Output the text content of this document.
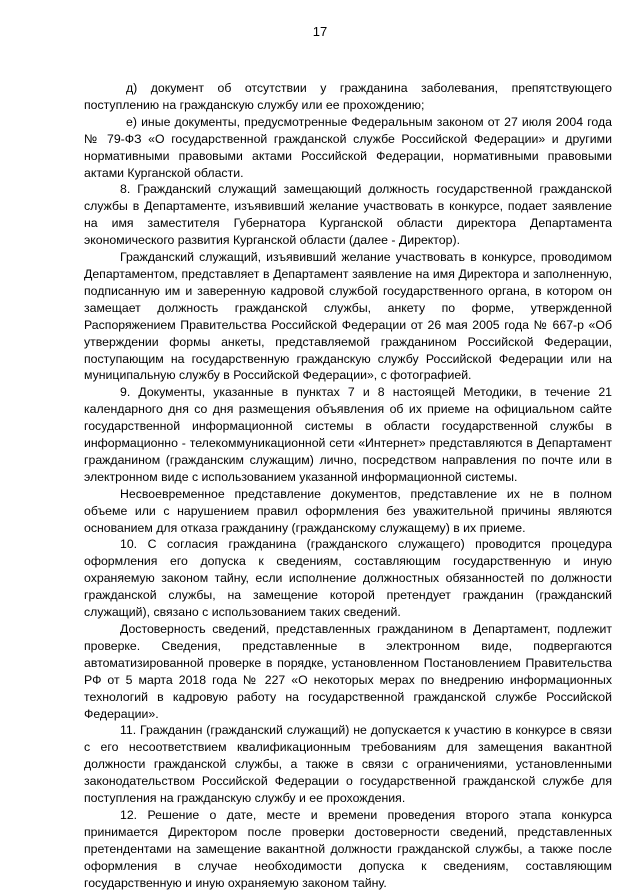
17

д) документ об отсутствии у гражданина заболевания, препятствующего поступлению на гражданскую службу или ее прохождению;

е) иные документы, предусмотренные Федеральным законом от 27 июля 2004 года № 79-ФЗ «О государственной гражданской службе Российской Федерации» и другими нормативными правовыми актами Российской Федерации, нормативными правовыми актами Курганской области.

8. Гражданский служащий замещающий должность государственной гражданской службы в Департаменте, изъявивший желание участвовать в конкурсе, подает заявление на имя заместителя Губернатора Курганской области директора Департамента экономического развития Курганской области (далее - Директор).

Гражданский служащий, изъявивший желание участвовать в конкурсе, проводимом Департаментом, представляет в Департамент заявление на имя Директора и заполненную, подписанную им и заверенную кадровой службой государственного органа, в котором он замещает должность гражданской службы, анкету по форме, утвержденной Распоряжением Правительства Российской Федерации от 26 мая 2005 года № 667-р «Об утверждении формы анкеты, представляемой гражданином Российской Федерации, поступающим на государственную гражданскую службу Российской Федерации или на муниципальную службу в Российской Федерации», с фотографией.

9. Документы, указанные в пунктах 7 и 8 настоящей Методики, в течение 21 календарного дня со дня размещения объявления об их приеме на официальном сайте государственной информационной системы в области государственной службы в информационно - телекоммуникационной сети «Интернет» представляются в Департамент гражданином (гражданским служащим) лично, посредством направления по почте или в электронном виде с использованием указанной информационной системы.

Несвоевременное представление документов, представление их не в полном объеме или с нарушением правил оформления без уважительной причины являются основанием для отказа гражданину (гражданскому служащему) в их приеме.

10. С согласия гражданина (гражданского служащего) проводится процедура оформления его допуска к сведениям, составляющим государственную и иную охраняемую законом тайну, если исполнение должностных обязанностей по должности гражданской службы, на замещение которой претендует гражданин (гражданский служащий), связано с использованием таких сведений.

Достоверность сведений, представленных гражданином в Департамент, подлежит проверке. Сведения, представленные в электронном виде, подвергаются автоматизированной проверке в порядке, установленном Постановлением Правительства РФ от 5 марта 2018 года № 227 «О некоторых мерах по внедрению информационных технологий в кадровую работу на государственной гражданской службе Российской Федерации».

11. Гражданин (гражданский служащий) не допускается к участию в конкурсе в связи с его несоответствием квалификационным требованиям для замещения вакантной должности гражданской службы, а также в связи с ограничениями, установленными законодательством Российской Федерации о государственной гражданской службе для поступления на гражданскую службу и ее прохождения.

12. Решение о дате, месте и времени проведения второго этапа конкурса принимается Директором после проверки достоверности сведений, представленных претендентами на замещение вакантной должности гражданской службы, а также после оформления в случае необходимости допуска к сведениям, составляющим государственную и иную охраняемую законом тайну.
